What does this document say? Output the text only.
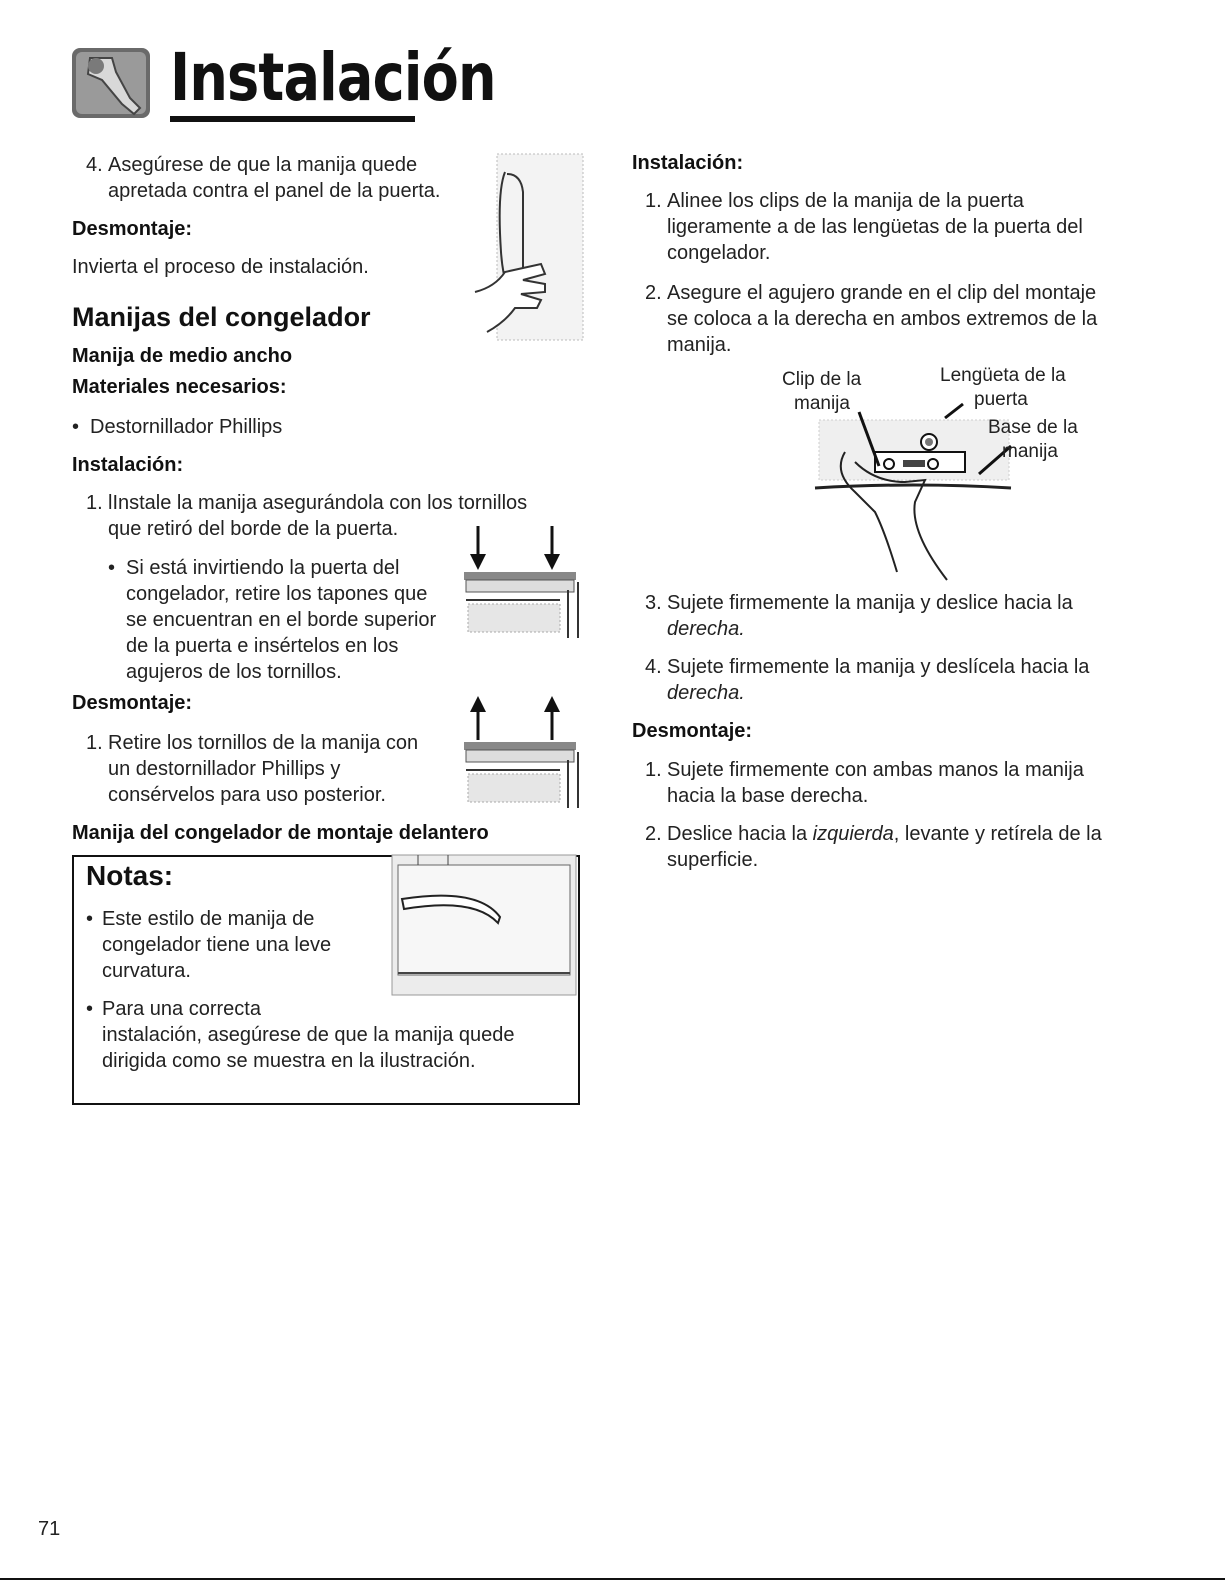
Instalación
4. Asegúrese de que la manija quede
apretada contra el panel de la puerta.
Desmontaje:
Invierta el proceso de instalación.
Manijas del congelador
Manija de medio ancho
Materiales necesarios:
• Destornillador Phillips
Instalación:
1. lInstale la manija asegurándola con los tornillos
que retiró del borde de la puerta.
• Si está invirtiendo la puerta del
congelador, retire los tapones que
se encuentran en el borde superior
de la puerta e insértelos en los
agujeros de los tornillos.
Desmontaje:
1. Retire los tornillos de la manija con
un destornillador Phillips y
consérvelos para uso posterior.
Manija del congelador de montaje delantero
Notas:
• Este estilo de manija de
congelador tiene una leve
curvatura.
• Para una correcta
instalación, asegúrese de que la manija quede
dirigida como se muestra en la ilustración.
Instalación:
1. Alinee los clips de la manija de la puerta
ligeramente a de las lengüetas de la puerta del
congelador.
2. Asegure el agujero grande en el clip del montaje
se coloca a la derecha en ambos extremos de la
manija.
Clip de la
manija
Lengüeta de la
puerta
Base de la
manija
3. Sujete firmemente la manija y deslice hacia la
derecha.
4. Sujete firmemente la manija y deslícela hacia la
derecha.
Desmontaje:
1. Sujete firmemente con ambas manos la manija
hacia la base derecha.
2. Deslice hacia la izquierda, levante y retírela de la
superficie.
71
